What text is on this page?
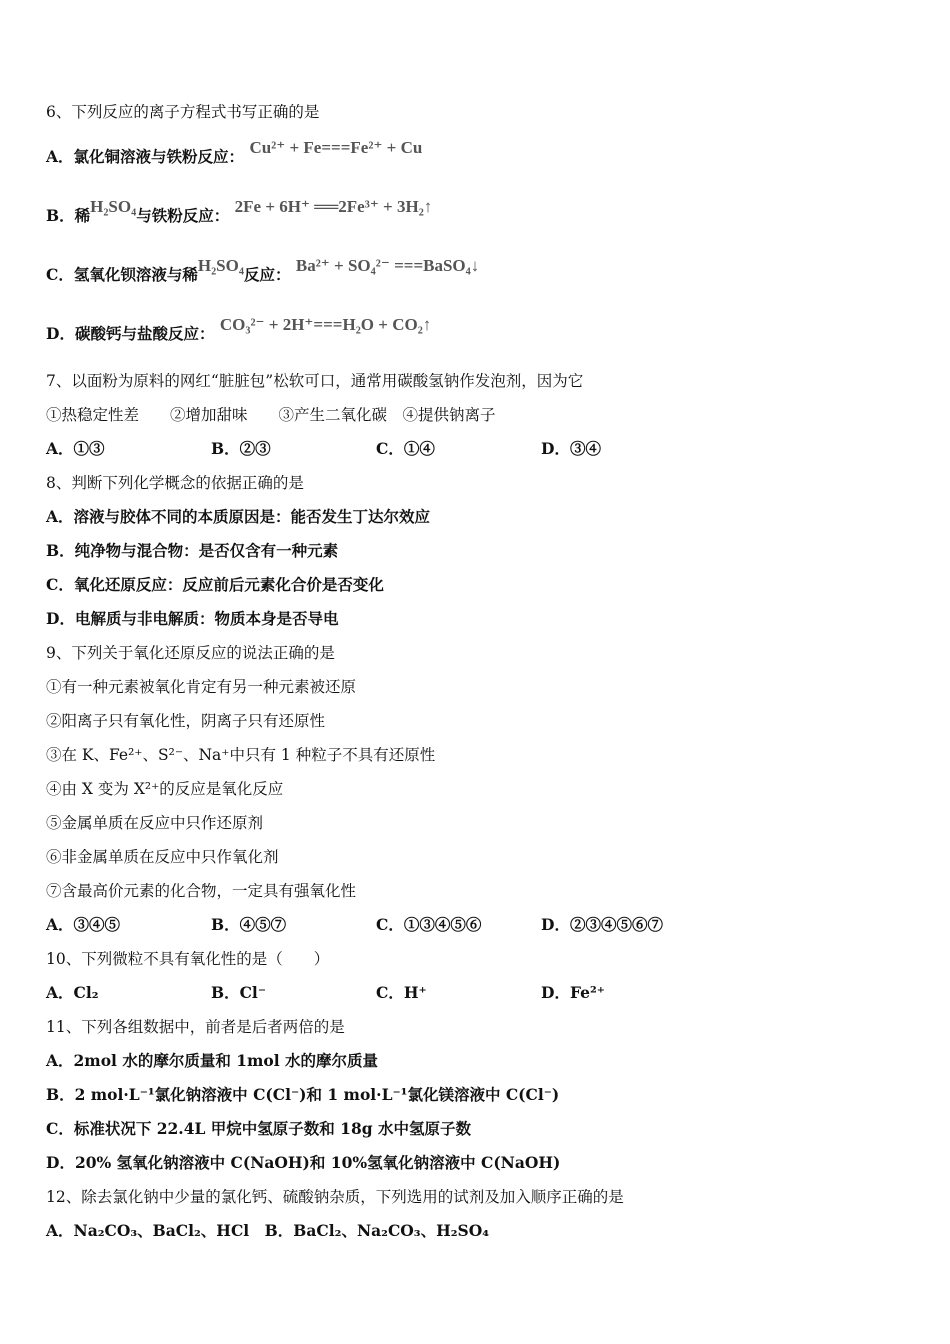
6、下列反应的离子方程式书写正确的是
A．氯化铜溶液与铁粉反应： Cu²⁺ + Fe===Fe²⁺ + Cu
B．稀H₂SO₄与铁粉反应： 2Fe + 6H⁺ ══2Fe³⁺ + 3H₂↑
C．氢氧化钡溶液与稀H₂SO₄反应： Ba²⁺ + SO₄²⁻ ===BaSO₄↓
D．碳酸钙与盐酸反应： CO₃²⁻ + 2H⁺===H₂O + CO₂↑
7、以面粉为原料的网红“脏脏包”松软可口，通常用碳酸氢钠作发泡剂，因为它
①热稳定性差　　②增加甜味　　③产生二氧化碳　④提供钠离子
A．①③	B．②③	C．①④	D．③④
8、判断下列化学概念的依据正确的是
A．溶液与胶体不同的本质原因是：能否发生丁达尔效应
B．纯净物与混合物：是否仅含有一种元素
C．氧化还原反应：反应前后元素化合价是否变化
D．电解质与非电解质：物质本身是否导电
9、下列关于氧化还原反应的说法正确的是
①有一种元素被氧化肯定有另一种元素被还原
②阳离子只有氧化性，阴离子只有还原性
③在 K、Fe²⁺、S²⁻、Na⁺中只有 1 种粒子不具有还原性
④由 X 变为 X²⁺的反应是氧化反应
⑤金属单质在反应中只作还原剂
⑥非金属单质在反应中只作氧化剂
⑦含最高价元素的化合物，一定具有强氧化性
A．③④⑤	B．④⑤⑦	C．①③④⑤⑥	D．②③④⑤⑥⑦
10、下列微粒不具有氧化性的是（　　）
A．Cl₂	B．Cl⁻	C．H⁺	D．Fe²⁺
11、下列各组数据中，前者是后者两倍的是
A．2mol 水的摩尔质量和 1mol 水的摩尔质量
B．2 mol·L⁻¹氯化钠溶液中 C(Cl⁻)和 1 mol·L⁻¹氯化镁溶液中 C(Cl⁻)
C．标准状况下 22.4L 甲烷中氢原子数和 18g 水中氢原子数
D．20% 氢氧化钠溶液中 C(NaOH)和 10%氢氧化钠溶液中 C(NaOH)
12、除去氯化钠中少量的氯化钙、硫酸钠杂质，下列选用的试剂及加入顺序正确的是
A．Na₂CO₃、BaCl₂、HCl　B．BaCl₂、Na₂CO₃、H₂SO₄
